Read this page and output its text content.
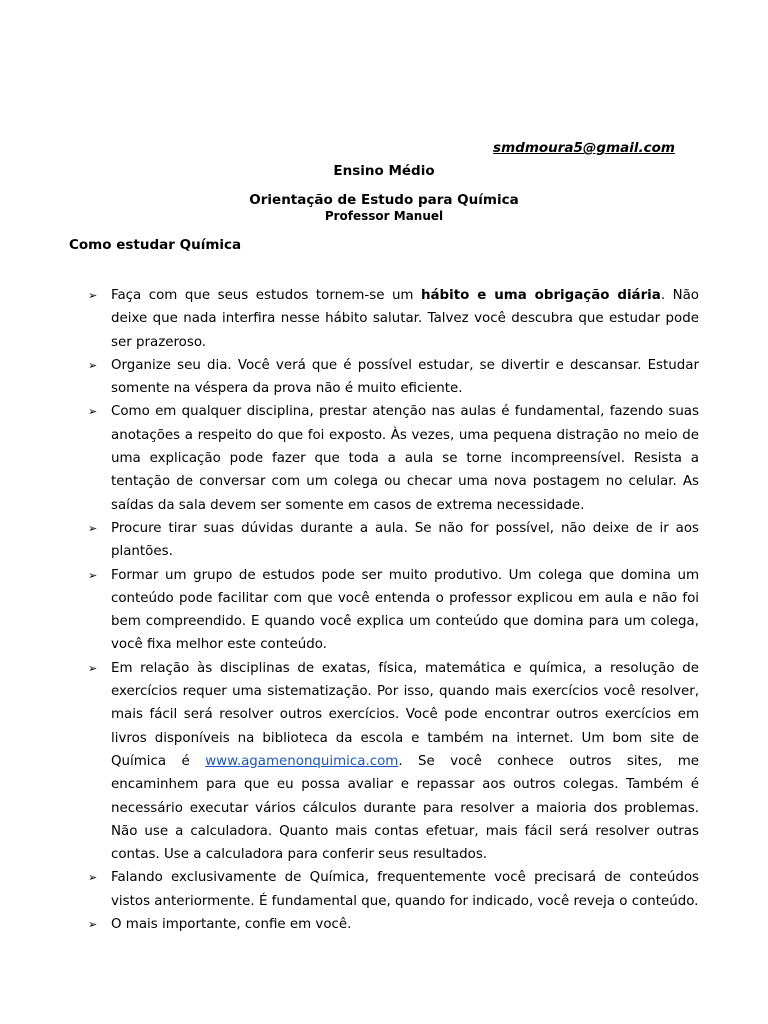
smdmoura5@gmail.com
Ensino Médio
Orientação de Estudo para Química
Professor Manuel
Como estudar Química
➢ Faça com que seus estudos tornem-se um hábito e uma obrigação diária. Não deixe que nada interfira nesse hábito salutar. Talvez você descubra que estudar pode ser prazeroso.
➢ Organize seu dia. Você verá que é possível estudar, se divertir e descansar. Estudar somente na véspera da prova não é muito eficiente.
➢ Como em qualquer disciplina, prestar atenção nas aulas é fundamental, fazendo suas anotações a respeito do que foi exposto. Às vezes, uma pequena distração no meio de uma explicação pode fazer que toda a aula se torne incompreensível. Resista a tentação de conversar com um colega ou checar uma nova postagem no celular. As saídas da sala devem ser somente em casos de extrema necessidade.
➢ Procure tirar suas dúvidas durante a aula. Se não for possível, não deixe de ir aos plantões.
➢ Formar um grupo de estudos pode ser muito produtivo. Um colega que domina um conteúdo pode facilitar com que você entenda o professor explicou em aula e não foi bem compreendido. E quando você explica um conteúdo que domina para um colega, você fixa melhor este conteúdo.
➢ Em relação às disciplinas de exatas, física, matemática e química, a resolução de exercícios requer uma sistematização. Por isso, quando mais exercícios você resolver, mais fácil será resolver outros exercícios. Você pode encontrar outros exercícios em livros disponíveis na biblioteca da escola e também na internet. Um bom site de Química é www.agamenonquimica.com. Se você conhece outros sites, me encaminhem para que eu possa avaliar e repassar aos outros colegas. Também é necessário executar vários cálculos durante para resolver a maioria dos problemas. Não use a calculadora. Quanto mais contas efetuar, mais fácil será resolver outras contas. Use a calculadora para conferir seus resultados.
➢ Falando exclusivamente de Química, frequentemente você precisará de conteúdos vistos anteriormente. É fundamental que, quando for indicado, você reveja o conteúdo.
➢ O mais importante, confie em você.
